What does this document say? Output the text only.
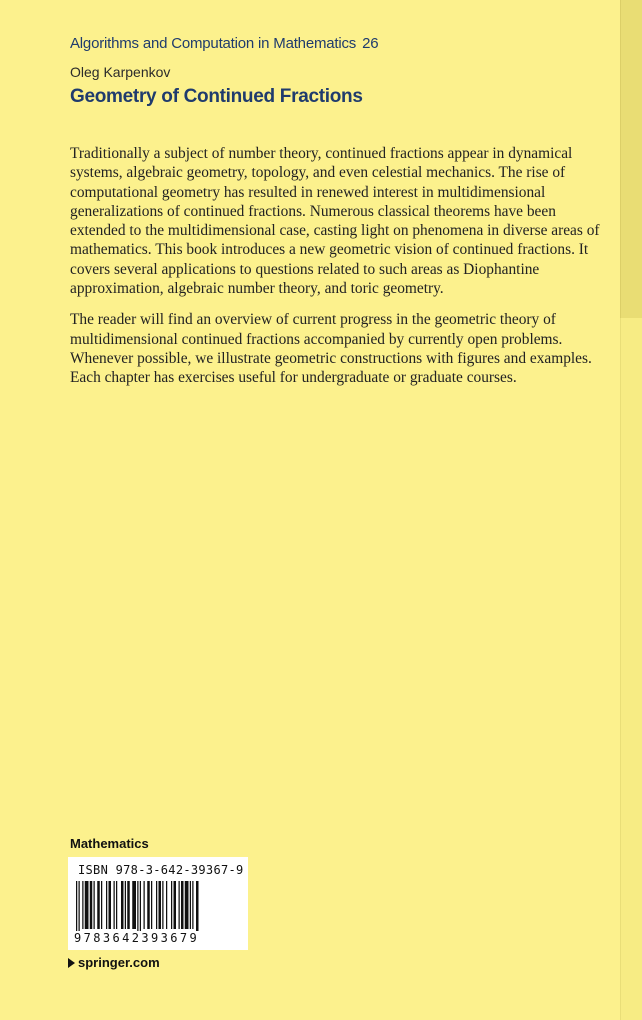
Algorithms and Computation in Mathematics 26
Oleg Karpenkov
Geometry of Continued Fractions

Traditionally a subject of number theory, continued fractions appear in dynamical systems, algebraic geometry, topology, and even celestial mechanics. The rise of computational geometry has resulted in renewed interest in multidimensional generalizations of continued fractions. Numerous classical theorems have been extended to the multidimensional case, casting light on phenomena in diverse areas of mathematics. This book introduces a new geometric vision of continued fractions. It covers several applications to questions related to such areas as Diophantine approximation, algebraic number theory, and toric geometry.

The reader will find an overview of current progress in the geometric theory of multidimensional continued fractions accompanied by currently open problems. Whenever possible, we illustrate geometric constructions with figures and examples. Each chapter has exercises useful for undergraduate or graduate courses.

Mathematics
ISBN 978-3-642-39367-9
9783642393679
springer.com
